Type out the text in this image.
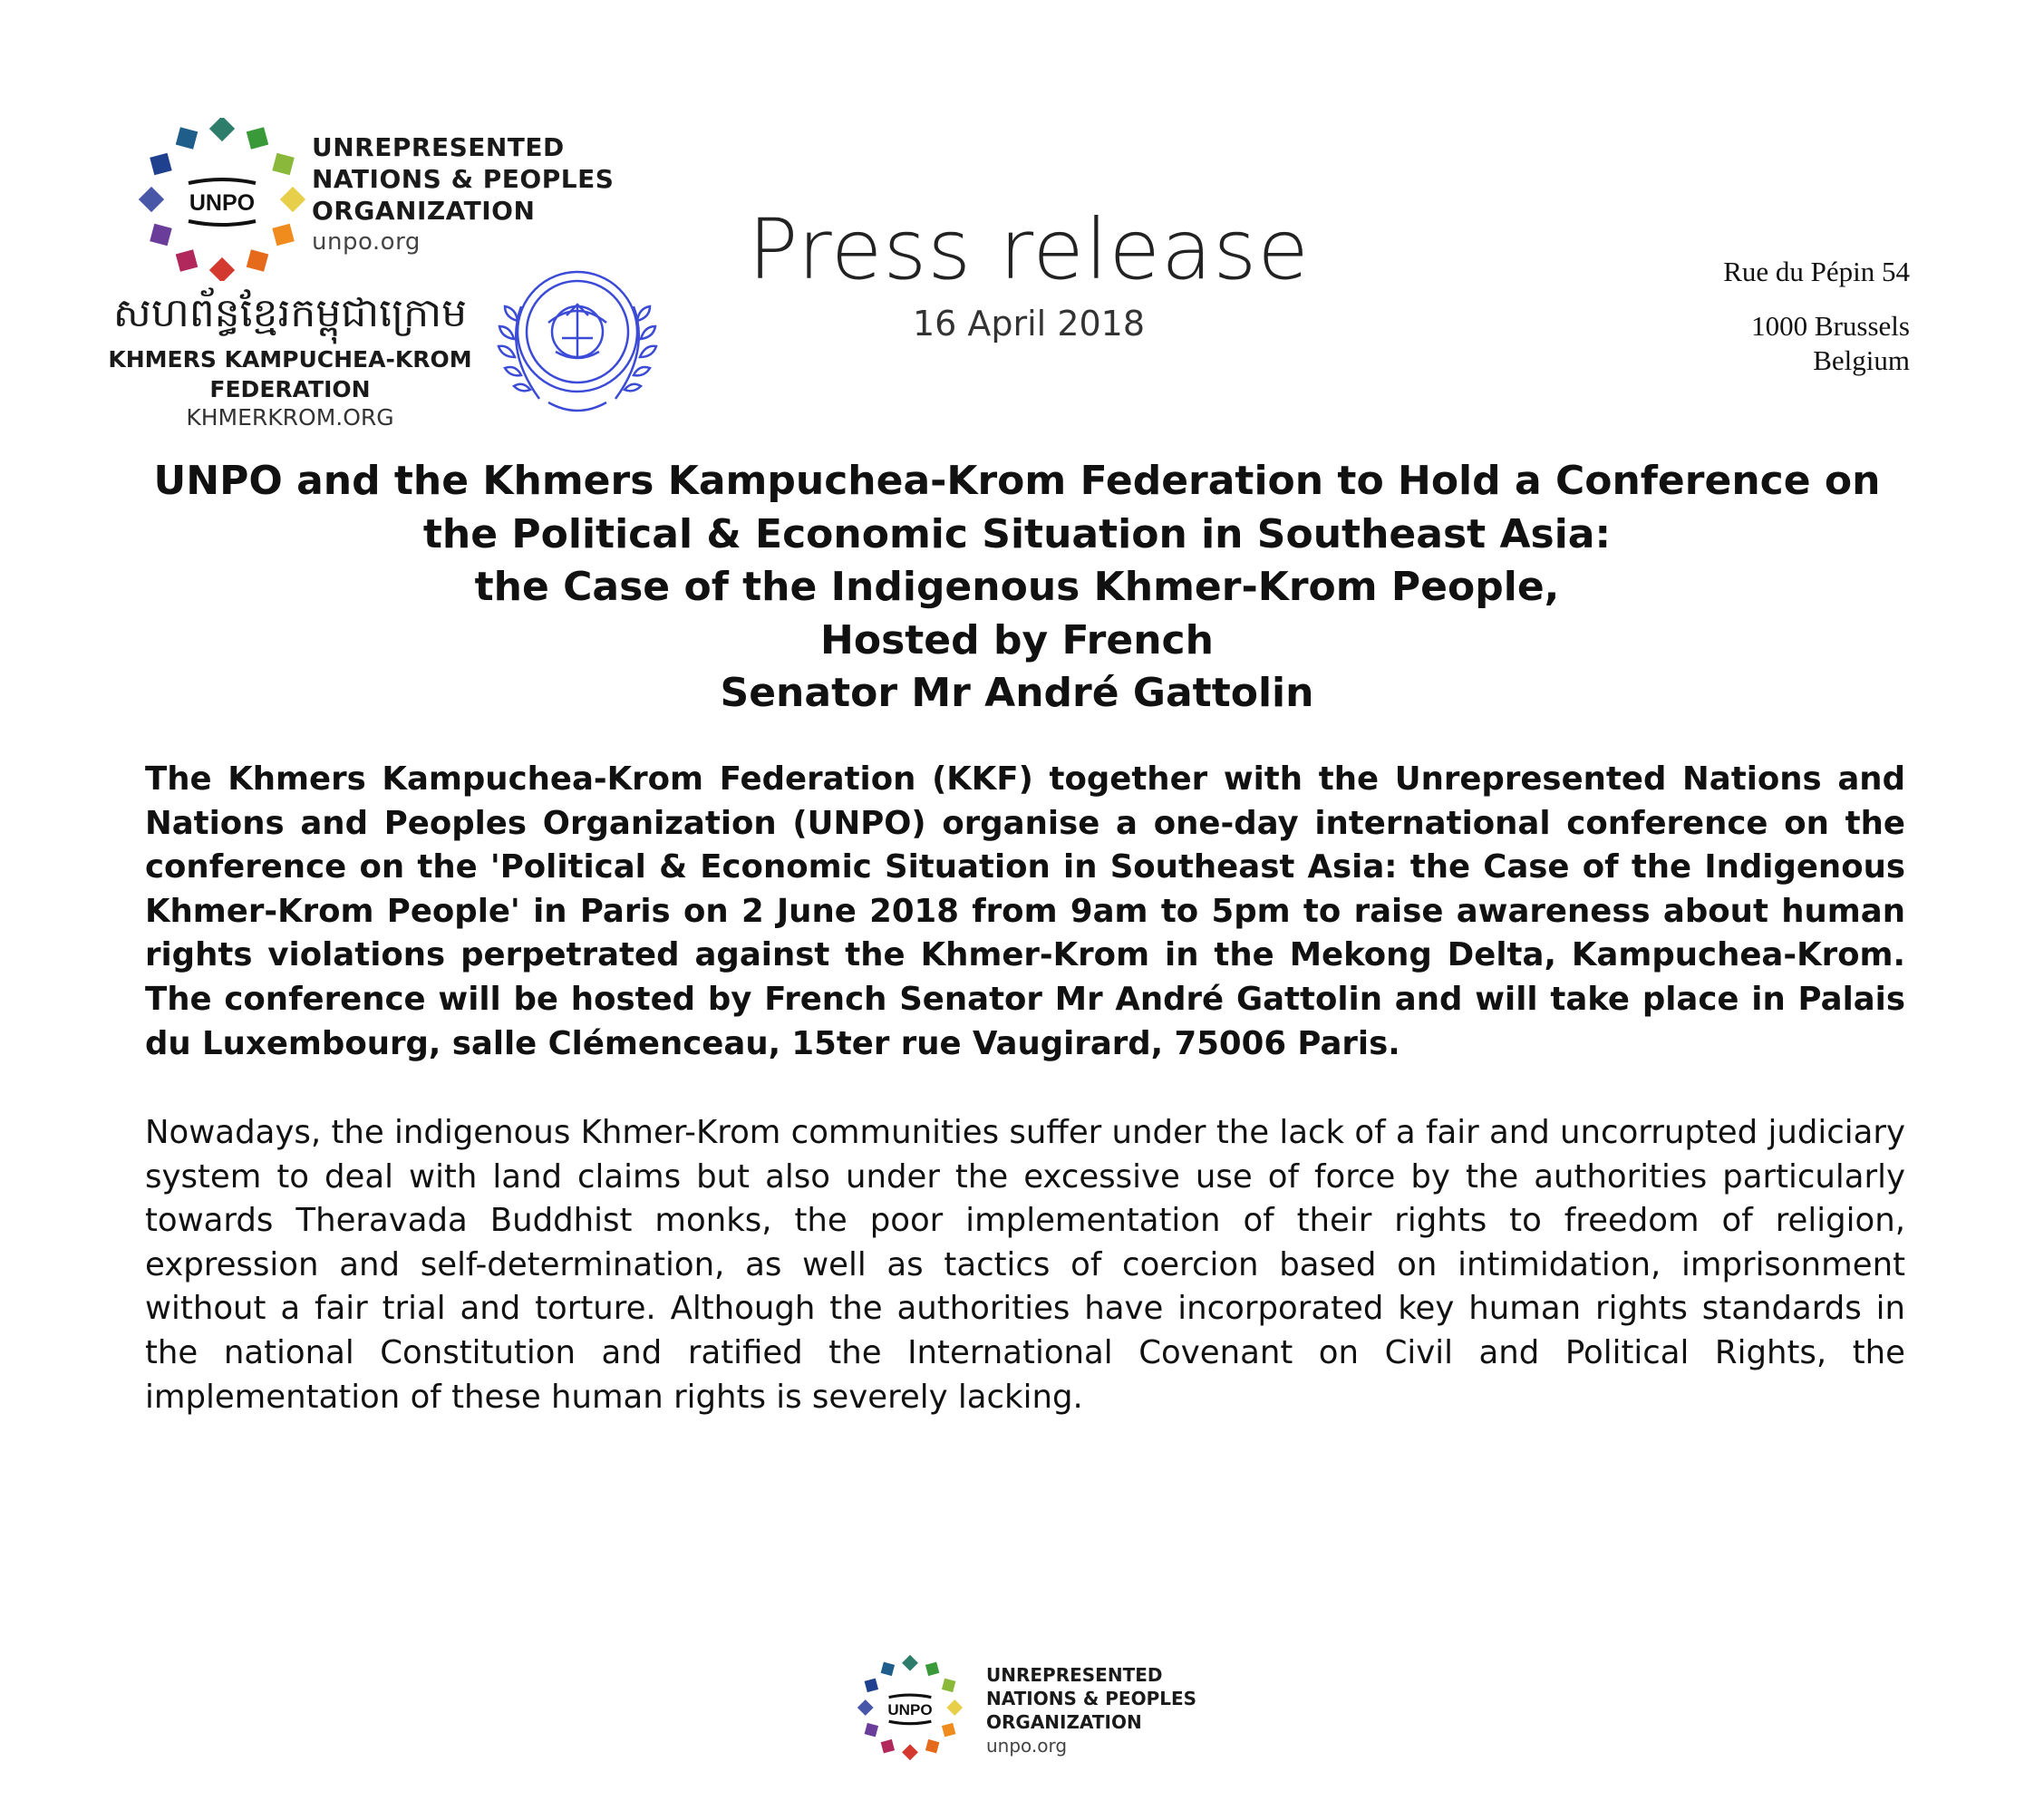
UNPO
UNREPRESENTED
NATIONS & PEOPLES
ORGANIZATION
unpo.org
សហព័ន្ធខ្មែរកម្ពុជាក្រោម
KHMERS KAMPUCHEA-KROM
FEDERATION
KHMERKROM.ORG
Press release
16 April 2018
Rue du Pépin 54
1000 Brussels
Belgium
UNPO and the Khmers Kampuchea-Krom Federation to Hold a Conference on
the Political & Economic Situation in Southeast Asia:
the Case of the Indigenous Khmer-Krom People,
Hosted by French
Senator Mr André Gattolin
The Khmers Kampuchea-Krom Federation (KKF) together with the Unrepresented Nations and Nations and Peoples Organization (UNPO) organise a one-day international conference on the conference on the 'Political & Economic Situation in Southeast Asia: the Case of the Indigenous Khmer-Krom People' in Paris on 2 June 2018 from 9am to 5pm to raise awareness about human rights violations perpetrated against the Khmer-Krom in the Mekong Delta, Kampuchea-Krom. The conference will be hosted by French Senator Mr André Gattolin and will take place in Palais du Luxembourg, salle Clémenceau, 15ter rue Vaugirard, 75006 Paris.
Nowadays, the indigenous Khmer-Krom communities suffer under the lack of a fair and uncorrupted judiciary system to deal with land claims but also under the excessive use of force by the authorities particularly towards Theravada Buddhist monks, the poor implementation of their rights to freedom of religion, expression and self-determination, as well as tactics of coercion based on intimidation, imprisonment without a fair trial and torture. Although the authorities have incorporated key human rights standards in the national Constitution and ratified the International Covenant on Civil and Political Rights, the implementation of these human rights is severely lacking.
UNPO
UNREPRESENTED
NATIONS & PEOPLES
ORGANIZATION
unpo.org
